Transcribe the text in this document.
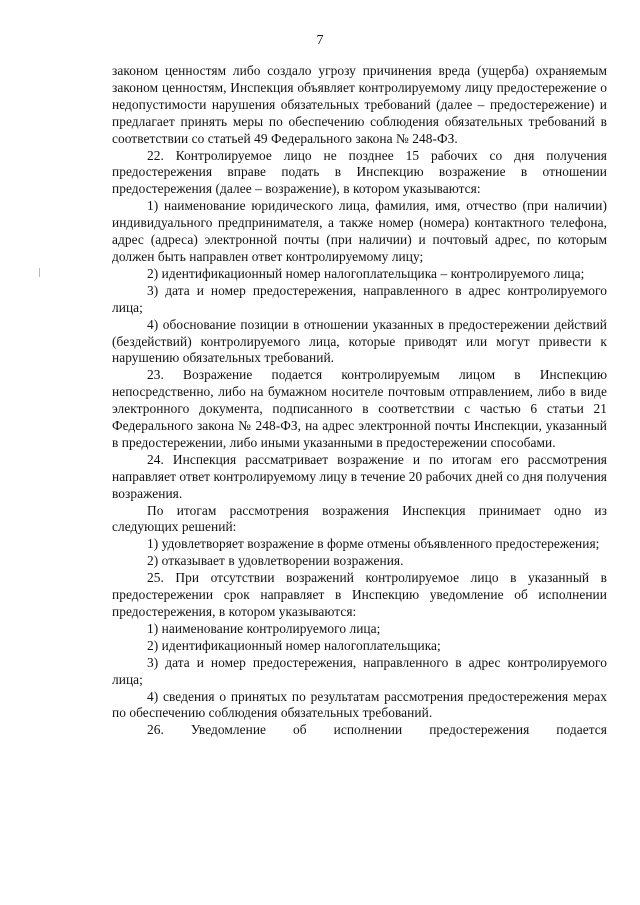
7

законом ценностям либо создало угрозу причинения вреда (ущерба) охраняемым законом ценностям, Инспекция объявляет контролируемому лицу предостережение о недопустимости нарушения обязательных требований (далее – предостережение) и предлагает принять меры по обеспечению соблюдения обязательных требований в соответствии со статьей 49 Федерального закона № 248-ФЗ.

22. Контролируемое лицо не позднее 15 рабочих со дня получения предостережения вправе подать в Инспекцию возражение в отношении предостережения (далее – возражение), в котором указываются:

1) наименование юридического лица, фамилия, имя, отчество (при наличии) индивидуального предпринимателя, а также номер (номера) контактного телефона, адрес (адреса) электронной почты (при наличии) и почтовый адрес, по которым должен быть направлен ответ контролируемому лицу;

2) идентификационный номер налогоплательщика – контролируемого лица;

3) дата и номер предостережения, направленного в адрес контролируемого лица;

4) обоснование позиции в отношении указанных в предостережении действий (бездействий) контролируемого лица, которые приводят или могут привести к нарушению обязательных требований.

23. Возражение подается контролируемым лицом в Инспекцию непосредственно, либо на бумажном носителе почтовым отправлением, либо в виде электронного документа, подписанного в соответствии с частью 6 статьи 21 Федерального закона № 248-ФЗ, на адрес электронной почты Инспекции, указанный в предостережении, либо иными указанными в предостережении способами.

24. Инспекция рассматривает возражение и по итогам его рассмотрения направляет ответ контролируемому лицу в течение 20 рабочих дней со дня получения возражения.

По итогам рассмотрения возражения Инспекция принимает одно из следующих решений:

1) удовлетворяет возражение в форме отмены объявленного предостережения;

2) отказывает в удовлетворении возражения.

25. При отсутствии возражений контролируемое лицо в указанный в предостережении срок направляет в Инспекцию уведомление об исполнении предостережения, в котором указываются:

1) наименование контролируемого лица;

2) идентификационный номер налогоплательщика;

3) дата и номер предостережения, направленного в адрес контролируемого лица;

4) сведения о принятых по результатам рассмотрения предостережения мерах по обеспечению соблюдения обязательных требований.

26. Уведомление об исполнении предостережения подается
